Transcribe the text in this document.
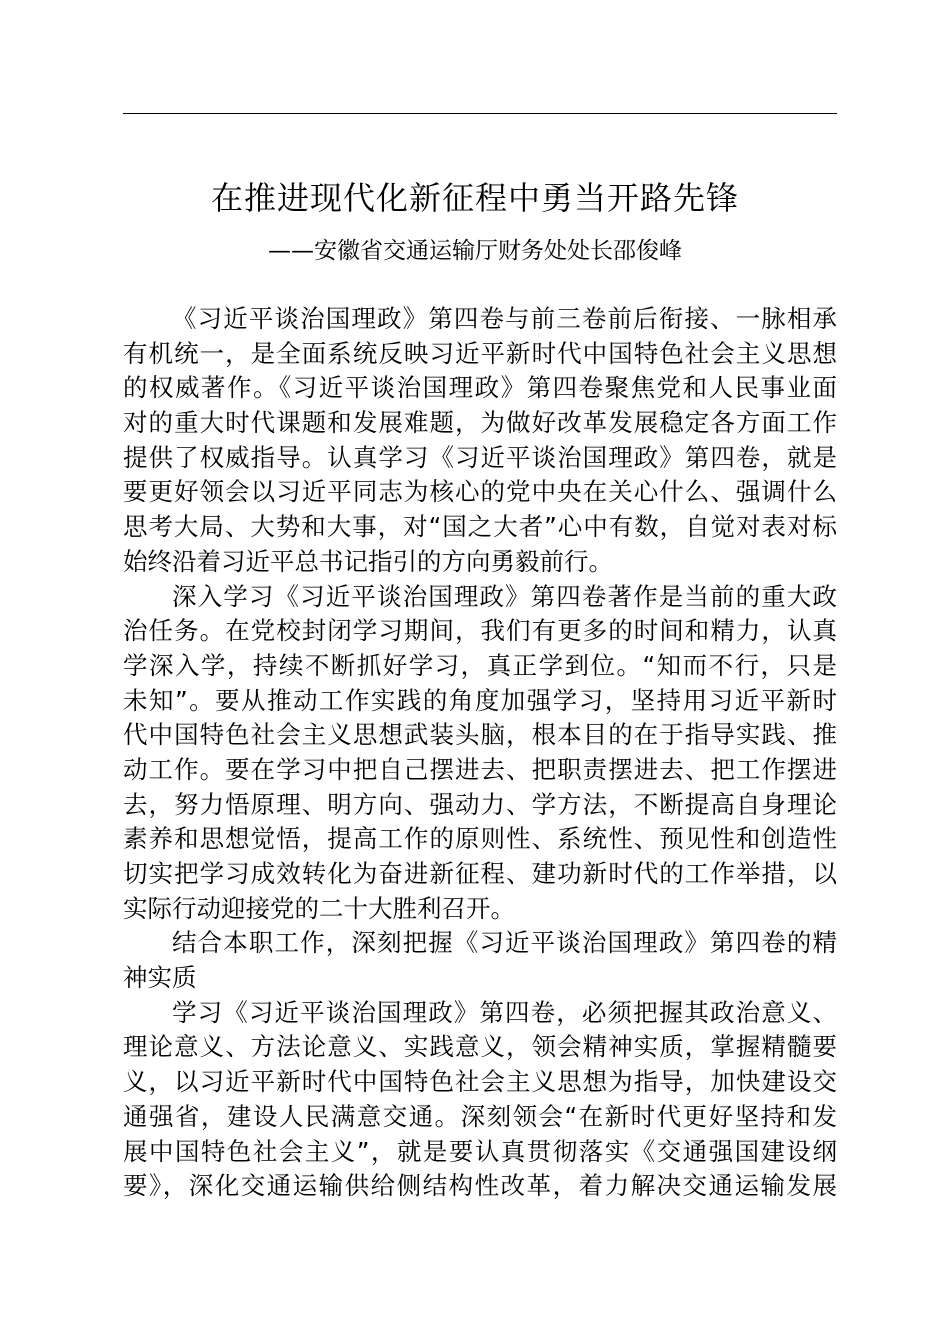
在推进现代化新征程中勇当开路先锋
——安徽省交通运输厅财务处处长邵俊峰
《习近平谈治国理政》第四卷与前三卷前后衔接、一脉相承
有机统一，是全面系统反映习近平新时代中国特色社会主义思想
的权威著作。《习近平谈治国理政》第四卷聚焦党和人民事业面
对的重大时代课题和发展难题，为做好改革发展稳定各方面工作
提供了权威指导。认真学习《习近平谈治国理政》第四卷，就是
要更好领会以习近平同志为核心的党中央在关心什么、强调什么
思考大局、大势和大事，对“国之大者”心中有数，自觉对表对标
始终沿着习近平总书记指引的方向勇毅前行。
深入学习《习近平谈治国理政》第四卷著作是当前的重大政
治任务。在党校封闭学习期间，我们有更多的时间和精力，认真
学深入学，持续不断抓好学习，真正学到位。“知而不行，只是
未知”。要从推动工作实践的角度加强学习，坚持用习近平新时
代中国特色社会主义思想武装头脑，根本目的在于指导实践、推
动工作。要在学习中把自己摆进去、把职责摆进去、把工作摆进
去，努力悟原理、明方向、强动力、学方法，不断提高自身理论
素养和思想觉悟，提高工作的原则性、系统性、预见性和创造性
切实把学习成效转化为奋进新征程、建功新时代的工作举措，以
实际行动迎接党的二十大胜利召开。
结合本职工作，深刻把握《习近平谈治国理政》第四卷的精
神实质
学习《习近平谈治国理政》第四卷，必须把握其政治意义、
理论意义、方法论意义、实践意义，领会精神实质，掌握精髓要
义，以习近平新时代中国特色社会主义思想为指导，加快建设交
通强省，建设人民满意交通。深刻领会“在新时代更好坚持和发
展中国特色社会主义”，就是要认真贯彻落实《交通强国建设纲
要》，深化交通运输供给侧结构性改革，着力解决交通运输发展
